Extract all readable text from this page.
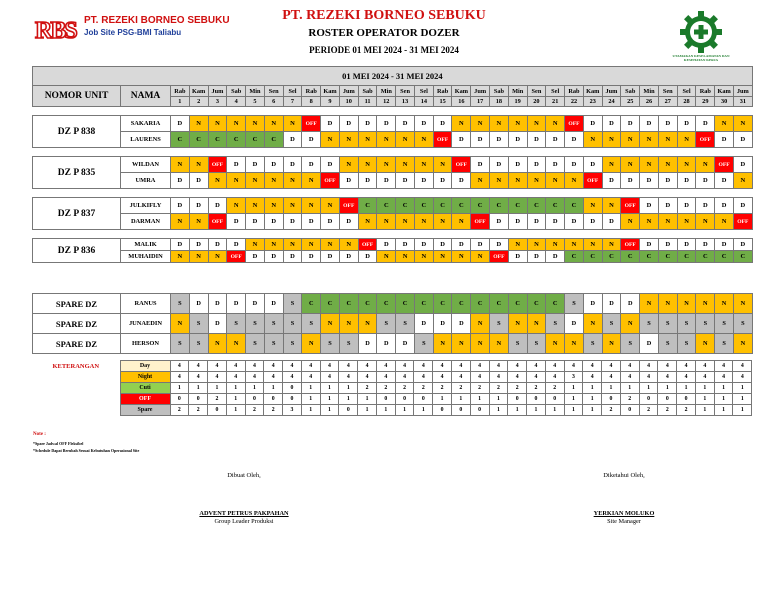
RBS PT. REZEKI BORNEO SEBUKU
Job Site PSG-BMI Taliabu
PT. REZEKI BORNEO SEBUKU
ROSTER OPERATOR DOZER
PERIODE 01 MEI 2024 - 31 MEI 2024
UTAMAKAN KESELAMATAN DAN KESEHATAN KERJA
01 MEI 2024 - 31 MEI 2024																																
NOMOR UNIT	NAMA	Rab	Kam	Jum	Sab	Min	Sen	Sel	Rab	Kam	Jum	Sab	Min	Sen	Sel	Rab	Kam	Jum	Sab	Min	Sen	Sel	Rab	Kam	Jum	Sab	Min	Sen	Sel	Rab	Kam	Jum
		1	2	3	4	5	6	7	8	9	10	11	12	13	14	15	16	17	18	19	20	21	22	23	24	25	26	27	28	29	30	31

DZ P 838	SAKARIA	D	N	N	N	N	N	N	OFF	D	D	D	D	D	D	D	N	N	N	N	N	N	OFF	D	D	D	D	D	D	D	N	N
	LAURENS	C	C	C	C	C	C	D	D	N	N	N	N	N	N	OFF	D	D	D	D	D	D	D	N	N	N	N	N	N	OFF	D	D

DZ P 835	WILDAN	N	N	OFF	D	D	D	D	D	D	N	N	N	N	N	N	OFF	D	D	D	D	D	D	D	N	N	N	N	N	N	OFF	D
	UMRA	D	D	N	N	N	N	N	N	OFF	D	D	D	D	D	D	D	N	N	N	N	N	N	OFF	D	D	D	D	D	D	D	N

DZ P 837	JULKIFLY	D	D	D	N	N	N	N	N	N	OFF	C	C	C	C	C	C	C	C	C	C	C	C	N	N	OFF	D	D	D	D	D	D
	DARMAN	N	N	OFF	D	D	D	D	D	D	D	N	N	N	N	N	N	OFF	D	D	D	D	D	D	D	N	N	N	N	N	N	OFF

DZ P 836	MALIK	D	D	D	D	N	N	N	N	N	N	OFF	D	D	D	D	D	D	D	N	N	N	N	N	N	OFF	D	D	D	D	D	D
	MUHAIDIN	N	N	N	OFF	D	D	D	D	D	D	D	N	N	N	N	N	N	OFF	D	D	D	C	C	C	C	C	C	C	C	C	C
SPARE DZ	RANUS	S	D	D	D	D	D	S	C	C	C	C	C	C	C	C	C	C	C	C	C	C	S	D	D	D	N	N	N	N	N	N
SPARE DZ	JUNAEDIN	N	S	D	S	S	S	S	S	N	N	N	S	S	D	D	D	N	S	N	N	S	D	N	S	N	S	S	S	S	S	S
SPARE DZ	HERSON	S	S	N	N	S	S	S	N	S	S	D	D	D	S	N	N	N	N	S	S	N	N	S	N	S	D	S	S	N	S	N
KETERANGAN	Day	4	4	4	4	4	4	4	4	4	4	4	4	4	4	4	4	4	4	4	4	4	4	4	4	4	4	4	4	4	4	4
	Night	4	4	4	4	4	4	4	4	4	4	4	4	4	4	4	4	4	4	4	4	4	3	4	4	4	4	4	4	4	4	4
	Cuti	1	1	1	1	1	1	0	1	1	1	2	2	2	2	2	2	2	2	2	2	2	1	1	1	1	1	1	1	1	1	1
	OFF	0	0	2	1	0	0	0	1	1	1	1	0	0	0	1	1	1	1	0	0	0	1	1	0	2	0	0	0	1	1	1
	Spare	2	2	0	1	2	2	3	1	1	0	1	1	1	1	0	0	0	1	1	1	1	1	1	2	0	2	2	2	1	1	1
Note :
*Spare Jadwal OFF Fleksibel
*Schedule Dapat Berubah Sesuai Kebutuhan Operasional Site
Dibuat Oleh,
ADVENT PETRUS PAKPAHAN
Group Leader Produksi
Diketahui Oleh,
YERKIAN MOLUKO
Site Manager
